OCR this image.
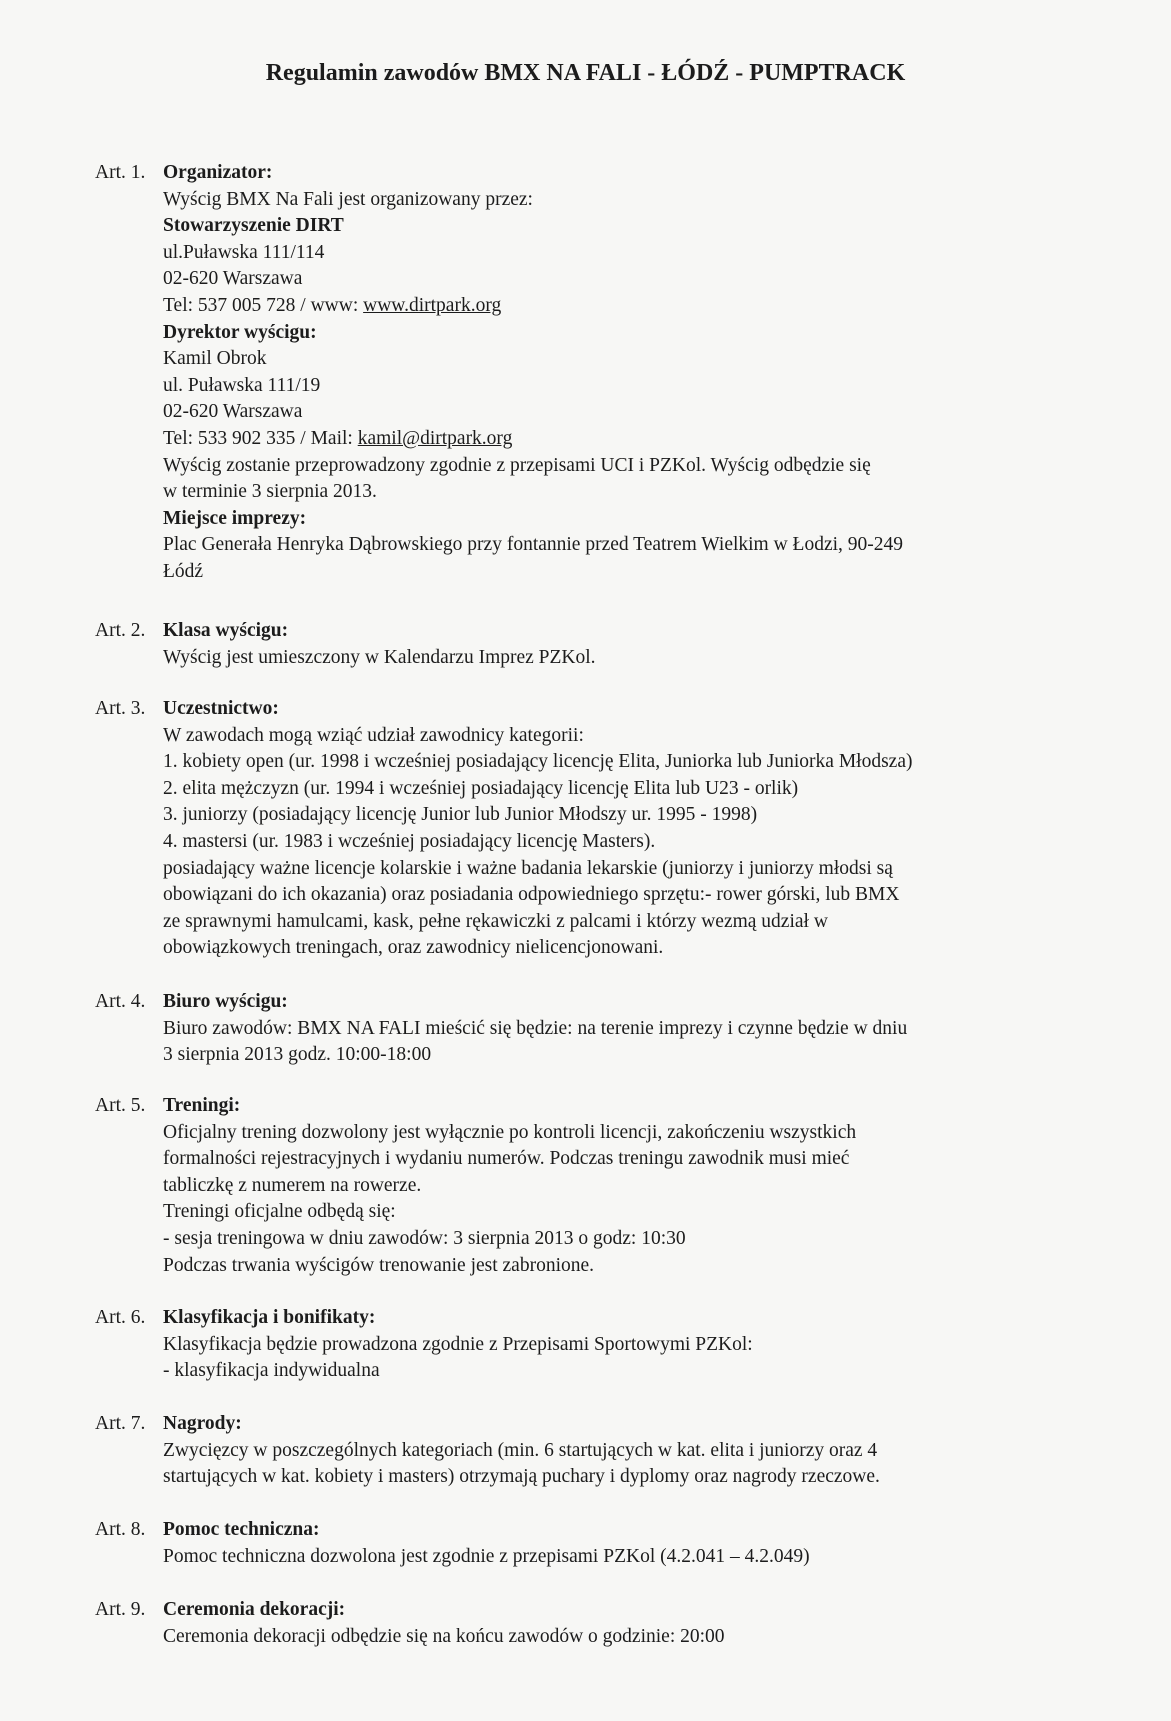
Regulamin zawodów BMX NA FALI - ŁÓDŹ - PUMPTRACK
Art. 1. Organizator:
Wyścig BMX Na Fali jest organizowany przez:
Stowarzyszenie DIRT
ul.Puławska 111/114
02-620 Warszawa
Tel: 537 005 728 / www: www.dirtpark.org
Dyrektor wyścigu:
Kamil Obrok
ul. Puławska 111/19
02-620 Warszawa
Tel: 533 902 335 / Mail: kamil@dirtpark.org
Wyścig zostanie przeprowadzony zgodnie z przepisami UCI i PZKol. Wyścig odbędzie się
w terminie 3 sierpnia 2013.
Miejsce imprezy:
Plac Generała Henryka Dąbrowskiego przy fontannie przed Teatrem Wielkim w Łodzi, 90-249
Łódź
Art. 2. Klasa wyścigu:
Wyścig jest umieszczony w Kalendarzu Imprez PZKol.
Art. 3. Uczestnictwo:
W zawodach mogą wziąć udział zawodnicy kategorii:
1. kobiety open (ur. 1998 i wcześniej posiadający licencję Elita, Juniorka lub Juniorka Młodsza)
2. elita mężczyzn (ur. 1994 i wcześniej posiadający licencję Elita lub U23 - orlik)
3. juniorzy (posiadający licencję Junior lub Junior Młodszy ur. 1995 - 1998)
4. mastersi (ur. 1983 i wcześniej posiadający licencję Masters).
posiadający ważne licencje kolarskie i ważne badania lekarskie (juniorzy i juniorzy młodsi są
obowiązani do ich okazania) oraz posiadania odpowiedniego sprzętu:- rower górski, lub BMX
ze sprawnymi hamulcami, kask, pełne rękawiczki z palcami i którzy wezmą udział w
obowiązkowych treningach, oraz zawodnicy nielicencjonowani.
Art. 4. Biuro wyścigu:
Biuro zawodów: BMX NA FALI mieścić się będzie: na terenie imprezy i czynne będzie w dniu
3 sierpnia 2013 godz. 10:00-18:00
Art. 5. Treningi:
Oficjalny trening dozwolony jest wyłącznie po kontroli licencji, zakończeniu wszystkich
formalności rejestracyjnych i wydaniu numerów. Podczas treningu zawodnik musi mieć
tabliczkę z numerem na rowerze.
Treningi oficjalne odbędą się:
- sesja treningowa w dniu zawodów: 3 sierpnia 2013 o godz: 10:30
Podczas trwania wyścigów trenowanie jest zabronione.
Art. 6. Klasyfikacja i bonifikaty:
Klasyfikacja będzie prowadzona zgodnie z Przepisami Sportowymi PZKol:
- klasyfikacja indywidualna
Art. 7. Nagrody:
Zwycięzcy w poszczególnych kategoriach (min. 6 startujących w kat. elita i juniorzy oraz 4
startujących w kat. kobiety i masters) otrzymają puchary i dyplomy oraz nagrody rzeczowe.
Art. 8. Pomoc techniczna:
Pomoc techniczna dozwolona jest zgodnie z przepisami PZKol (4.2.041 – 4.2.049)
Art. 9. Ceremonia dekoracji:
Ceremonia dekoracji odbędzie się na końcu zawodów o godzinie: 20:00
